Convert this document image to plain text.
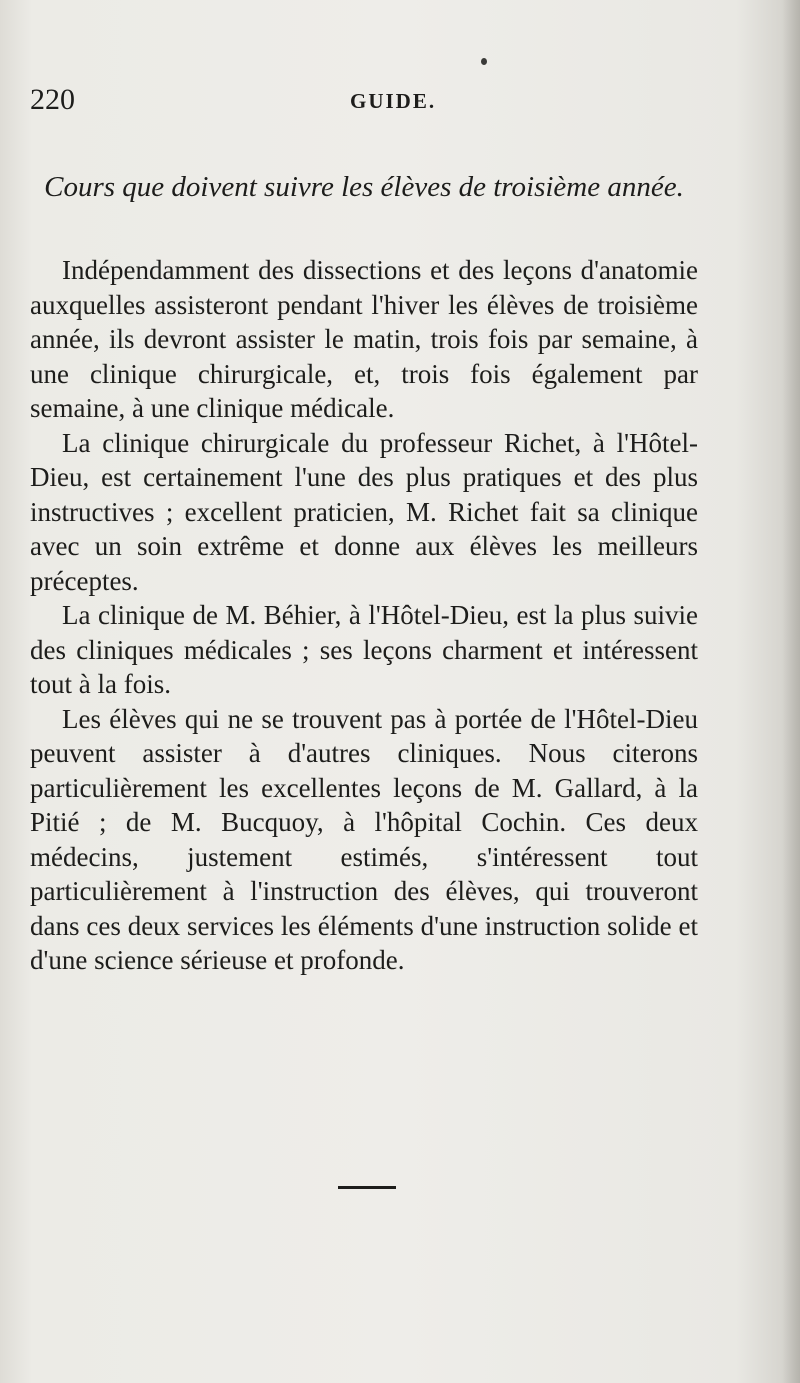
220	GUIDE.
Cours que doivent suivre les élèves de troisième année.

Indépendamment des dissections et des leçons d'anatomie auxquelles assisteront pendant l'hiver les élèves de troisième année, ils devront assister le matin, trois fois par semaine, à une clinique chirurgicale, et, trois fois également par semaine, à une clinique médicale.

La clinique chirurgicale du professeur Richet, à l'Hôtel-Dieu, est certainement l'une des plus pratiques et des plus instructives ; excellent praticien, M. Richet fait sa clinique avec un soin extrême et donne aux élèves les meilleurs préceptes.

La clinique de M. Béhier, à l'Hôtel-Dieu, est la plus suivie des cliniques médicales ; ses leçons charment et intéressent tout à la fois.

Les élèves qui ne se trouvent pas à portée de l'Hôtel-Dieu peuvent assister à d'autres cliniques. Nous citerons particulièrement les excellentes leçons de M. Gallard, à la Pitié ; de M. Bucquoy, à l'hôpital Cochin. Ces deux médecins, justement estimés, s'intéressent tout particulièrement à l'instruction des élèves, qui trouveront dans ces deux services les éléments d'une instruction solide et d'une science sérieuse et profonde.
